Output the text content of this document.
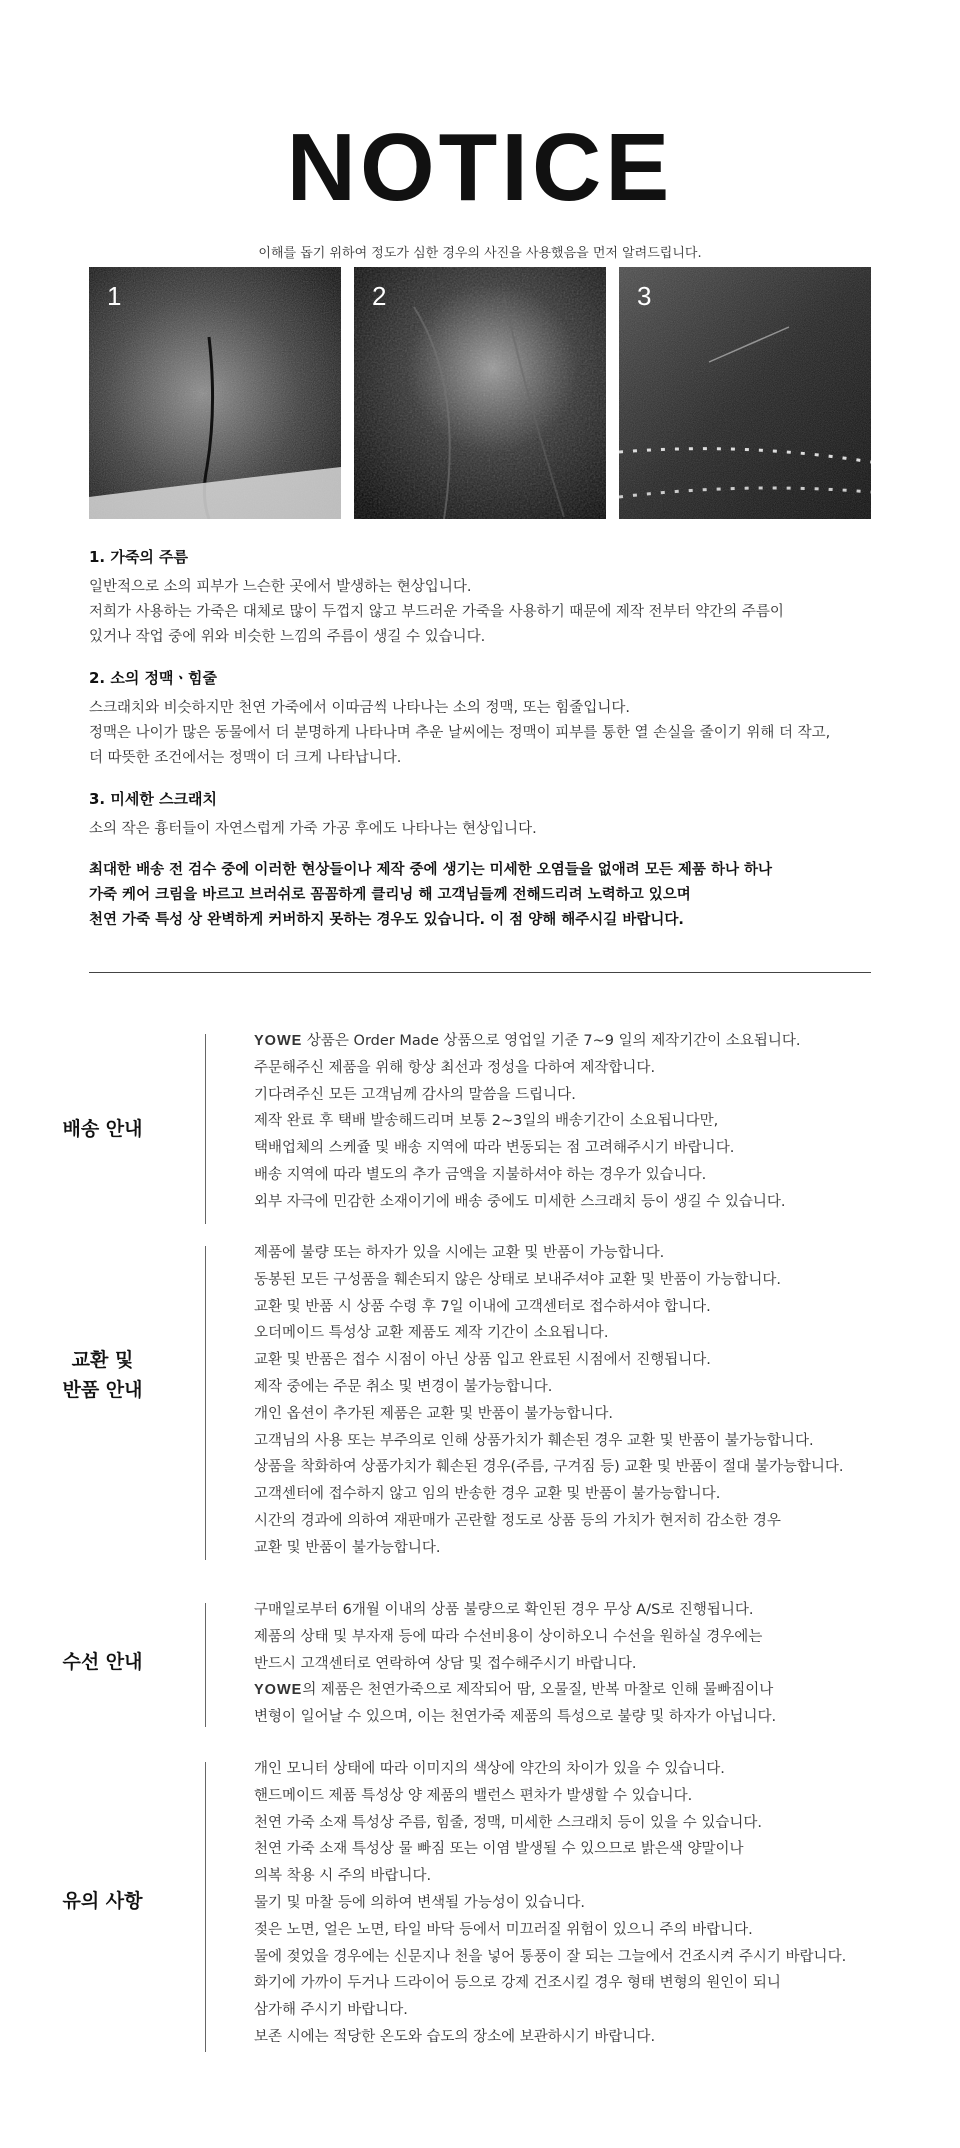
NOTICE
이해를 돕기 위하여 정도가 심한 경우의 사진을 사용했음을 먼저 알려드립니다.
1	2	3
1. 가죽의 주름

일반적으로 소의 피부가 느슨한 곳에서 발생하는 현상입니다.

저희가 사용하는 가죽은 대체로 많이 두껍지 않고 부드러운 가죽을 사용하기 때문에 제작 전부터 약간의 주름이

있거나 작업 중에 위와 비슷한 느낌의 주름이 생길 수 있습니다.

2. 소의 정맥ㆍ힘줄

스크래치와 비슷하지만 천연 가죽에서 이따금씩 나타나는 소의 정맥, 또는 힘줄입니다.

정맥은 나이가 많은 동물에서 더 분명하게 나타나며 추운 날씨에는 정맥이 피부를 통한 열 손실을 줄이기 위해 더 작고,

더 따뜻한 조건에서는 정맥이 더 크게 나타납니다.

3. 미세한 스크래치

소의 작은 흉터들이 자연스럽게 가죽 가공 후에도 나타나는 현상입니다.

최대한 배송 전 검수 중에 이러한 현상들이나 제작 중에 생기는 미세한 오염들을 없애려 모든 제품 하나 하나
가죽 케어 크림을 바르고 브러쉬로 꼼꼼하게 클리닝 해 고객님들께 전해드리려 노력하고 있으며
천연 가죽 특성 상 완벽하게 커버하지 못하는 경우도 있습니다. 이 점 양해 해주시길 바랍니다.
배송 안내
YOWE 상품은 Order Made 상품으로 영업일 기준 7~9 일의 제작기간이 소요됩니다.
주문해주신 제품을 위해 항상 최선과 정성을 다하여 제작합니다.
기다려주신 모든 고객님께 감사의 말씀을 드립니다.
제작 완료 후 택배 발송해드리며 보통 2~3일의 배송기간이 소요됩니다만,
택배업체의 스케쥴 및 배송 지역에 따라 변동되는 점 고려해주시기 바랍니다.
배송 지역에 따라 별도의 추가 금액을 지불하셔야 하는 경우가 있습니다.
외부 자극에 민감한 소재이기에 배송 중에도 미세한 스크래치 등이 생길 수 있습니다.
교환 및
반품 안내
제품에 불량 또는 하자가 있을 시에는 교환 및 반품이 가능합니다.
동봉된 모든 구성품을 훼손되지 않은 상태로 보내주셔야 교환 및 반품이 가능합니다.
교환 및 반품 시 상품 수령 후 7일 이내에 고객센터로 접수하셔야 합니다.
오더메이드 특성상 교환 제품도 제작 기간이 소요됩니다.
교환 및 반품은 접수 시점이 아닌 상품 입고 완료된 시점에서 진행됩니다.
제작 중에는 주문 취소 및 변경이 불가능합니다.
개인 옵션이 추가된 제품은 교환 및 반품이 불가능합니다.
고객님의 사용 또는 부주의로 인해 상품가치가 훼손된 경우 교환 및 반품이 불가능합니다.
상품을 착화하여 상품가치가 훼손된 경우(주름, 구겨짐 등) 교환 및 반품이 절대 불가능합니다.
고객센터에 접수하지 않고 임의 반송한 경우 교환 및 반품이 불가능합니다.
시간의 경과에 의하여 재판매가 곤란할 정도로 상품 등의 가치가 현저히 감소한 경우
교환 및 반품이 불가능합니다.
수선 안내
구매일로부터 6개월 이내의 상품 불량으로 확인된 경우 무상 A/S로 진행됩니다.
제품의 상태 및 부자재 등에 따라 수선비용이 상이하오니 수선을 원하실 경우에는
반드시 고객센터로 연락하여 상담 및 접수해주시기 바랍니다.
YOWE의 제품은 천연가죽으로 제작되어 땀, 오물질, 반복 마찰로 인해 물빠짐이나
변형이 일어날 수 있으며, 이는 천연가죽 제품의 특성으로 불량 및 하자가 아닙니다.
유의 사항
개인 모니터 상태에 따라 이미지의 색상에 약간의 차이가 있을 수 있습니다.
핸드메이드 제품 특성상 양 제품의 밸런스 편차가 발생할 수 있습니다.
천연 가죽 소재 특성상 주름, 힘줄, 정맥, 미세한 스크래치 등이 있을 수 있습니다.
천연 가죽 소재 특성상 물 빠짐 또는 이염 발생될 수 있으므로 밝은색 양말이나
의복 착용 시 주의 바랍니다.
물기 및 마찰 등에 의하여 변색될 가능성이 있습니다.
젖은 노면, 얼은 노면, 타일 바닥 등에서 미끄러질 위험이 있으니 주의 바랍니다.
물에 젖었을 경우에는 신문지나 천을 넣어 통풍이 잘 되는 그늘에서 건조시켜 주시기 바랍니다.
화기에 가까이 두거나 드라이어 등으로 강제 건조시킬 경우 형태 변형의 원인이 되니
삼가해 주시기 바랍니다.
보존 시에는 적당한 온도와 습도의 장소에 보관하시기 바랍니다.
